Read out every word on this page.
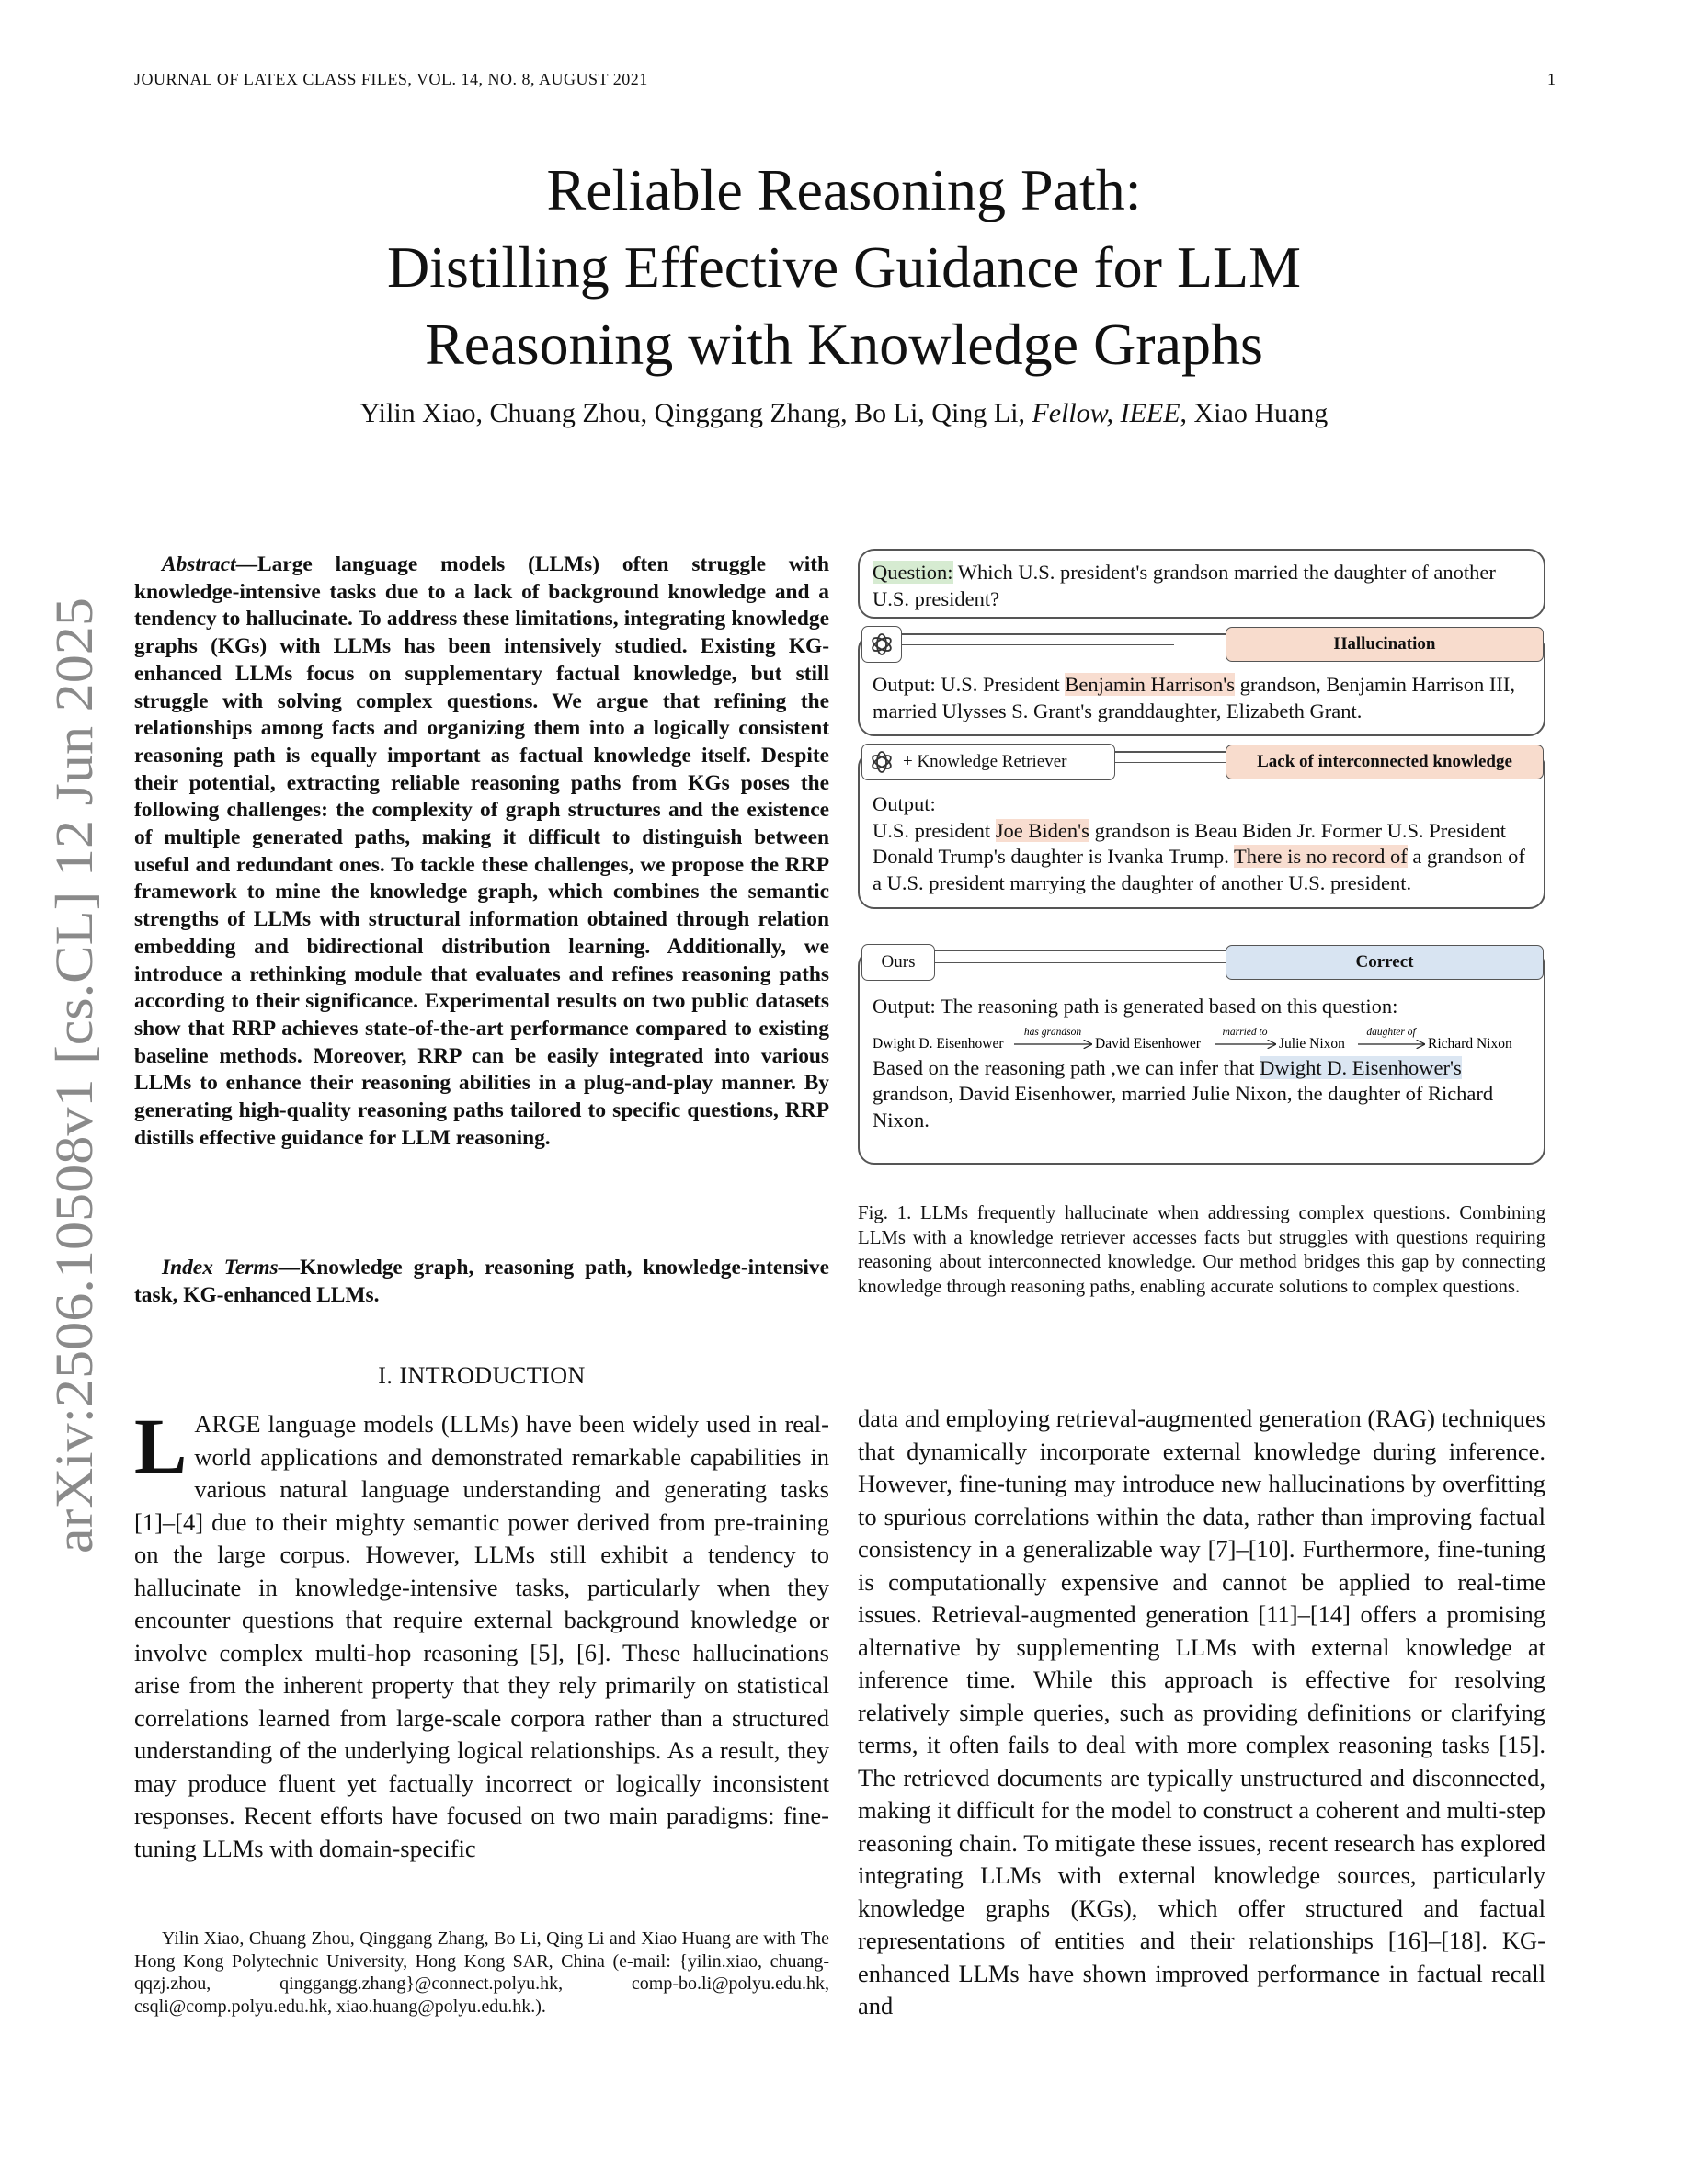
JOURNAL OF LATEX CLASS FILES, VOL. 14, NO. 8, AUGUST 2021	1
arXiv:2506.10508v1 [cs.CL] 12 Jun 2025
Reliable Reasoning Path:
Distilling Effective Guidance for LLM
Reasoning with Knowledge Graphs
Yilin Xiao, Chuang Zhou, Qinggang Zhang, Bo Li, Qing Li, Fellow, IEEE, Xiao Huang
Abstract—Large language models (LLMs) often struggle with knowledge-intensive tasks due to a lack of background knowledge and a tendency to hallucinate. To address these limitations, integrating knowledge graphs (KGs) with LLMs has been intensively studied. Existing KG-enhanced LLMs focus on supplementary factual knowledge, but still struggle with solving complex questions. We argue that refining the relationships among facts and organizing them into a logically consistent reasoning path is equally important as factual knowledge itself. Despite their potential, extracting reliable reasoning paths from KGs poses the following challenges: the complexity of graph structures and the existence of multiple generated paths, making it difficult to distinguish between useful and redundant ones. To tackle these challenges, we propose the RRP framework to mine the knowledge graph, which combines the semantic strengths of LLMs with structural information obtained through relation embedding and bidirectional distribution learning. Additionally, we introduce a rethinking module that evaluates and refines reasoning paths according to their significance. Experimental results on two public datasets show that RRP achieves state-of-the-art performance compared to existing baseline methods. Moreover, RRP can be easily integrated into various LLMs to enhance their reasoning abilities in a plug-and-play manner. By generating high-quality reasoning paths tailored to specific questions, RRP distills effective guidance for LLM reasoning.
Index Terms—Knowledge graph, reasoning path, knowledge-intensive task, KG-enhanced LLMs.
I. INTRODUCTION
LARGE language models (LLMs) have been widely used in real-world applications and demonstrated remarkable capabilities in various natural language understanding and generating tasks [1]–[4] due to their mighty semantic power derived from pre-training on the large corpus. However, LLMs still exhibit a tendency to hallucinate in knowledge-intensive tasks, particularly when they encounter questions that require external background knowledge or involve complex multi-hop reasoning [5], [6]. These hallucinations arise from the inherent property that they rely primarily on statistical correlations learned from large-scale corpora rather than a structured understanding of the underlying logical relationships. As a result, they may produce fluent yet factually incorrect or logically inconsistent responses. Recent efforts have focused on two main paradigms: fine-tuning LLMs with domain-specific
Yilin Xiao, Chuang Zhou, Qinggang Zhang, Bo Li, Qing Li and Xiao Huang are with The Hong Kong Polytechnic University, Hong Kong SAR, China (e-mail: {yilin.xiao, chuang-qqzj.zhou, qinggangg.zhang}@connect.polyu.hk, comp-bo.li@polyu.edu.hk, csqli@comp.polyu.edu.hk, xiao.huang@polyu.edu.hk.).
Question: Which U.S. president's grandson married the daughter of another U.S. president?
Output: U.S. President Benjamin Harrison's grandson, Benjamin Harrison III, married Ulysses S. Grant's granddaughter, Elizabeth Grant.
Hallucination
Output:
U.S. president Joe Biden's grandson is Beau Biden Jr. Former U.S. President Donald Trump's daughter is Ivanka Trump. There is no record of a grandson of a U.S. president marrying the daughter of another U.S. president.
+ Knowledge Retriever	Lack of interconnected knowledge
Output: The reasoning path is generated based on this question:
Dwight D. Eisenhower
has grandson
David Eisenhower
married to
Julie Nixon
daughter of
Richard Nixon
Based on the reasoning path ,we can infer that Dwight D. Eisenhower's grandson, David Eisenhower, married Julie Nixon, the daughter of Richard Nixon.
Ours	Correct
Fig. 1. LLMs frequently hallucinate when addressing complex questions. Combining LLMs with a knowledge retriever accesses facts but struggles with questions requiring reasoning about interconnected knowledge. Our method bridges this gap by connecting knowledge through reasoning paths, enabling accurate solutions to complex questions.
data and employing retrieval-augmented generation (RAG) techniques that dynamically incorporate external knowledge during inference. However, fine-tuning may introduce new hallucinations by overfitting to spurious correlations within the data, rather than improving factual consistency in a generalizable way [7]–[10]. Furthermore, fine-tuning is computationally expensive and cannot be applied to real-time issues. Retrieval-augmented generation [11]–[14] offers a promising alternative by supplementing LLMs with external knowledge at inference time. While this approach is effective for resolving relatively simple queries, such as providing definitions or clarifying terms, it often fails to deal with more complex reasoning tasks [15]. The retrieved documents are typically unstructured and disconnected, making it difficult for the model to construct a coherent and multi-step reasoning chain. To mitigate these issues, recent research has explored integrating LLMs with external knowledge sources, particularly knowledge graphs (KGs), which offer structured and factual representations of entities and their relationships [16]–[18]. KG-enhanced LLMs have shown improved performance in factual recall and
